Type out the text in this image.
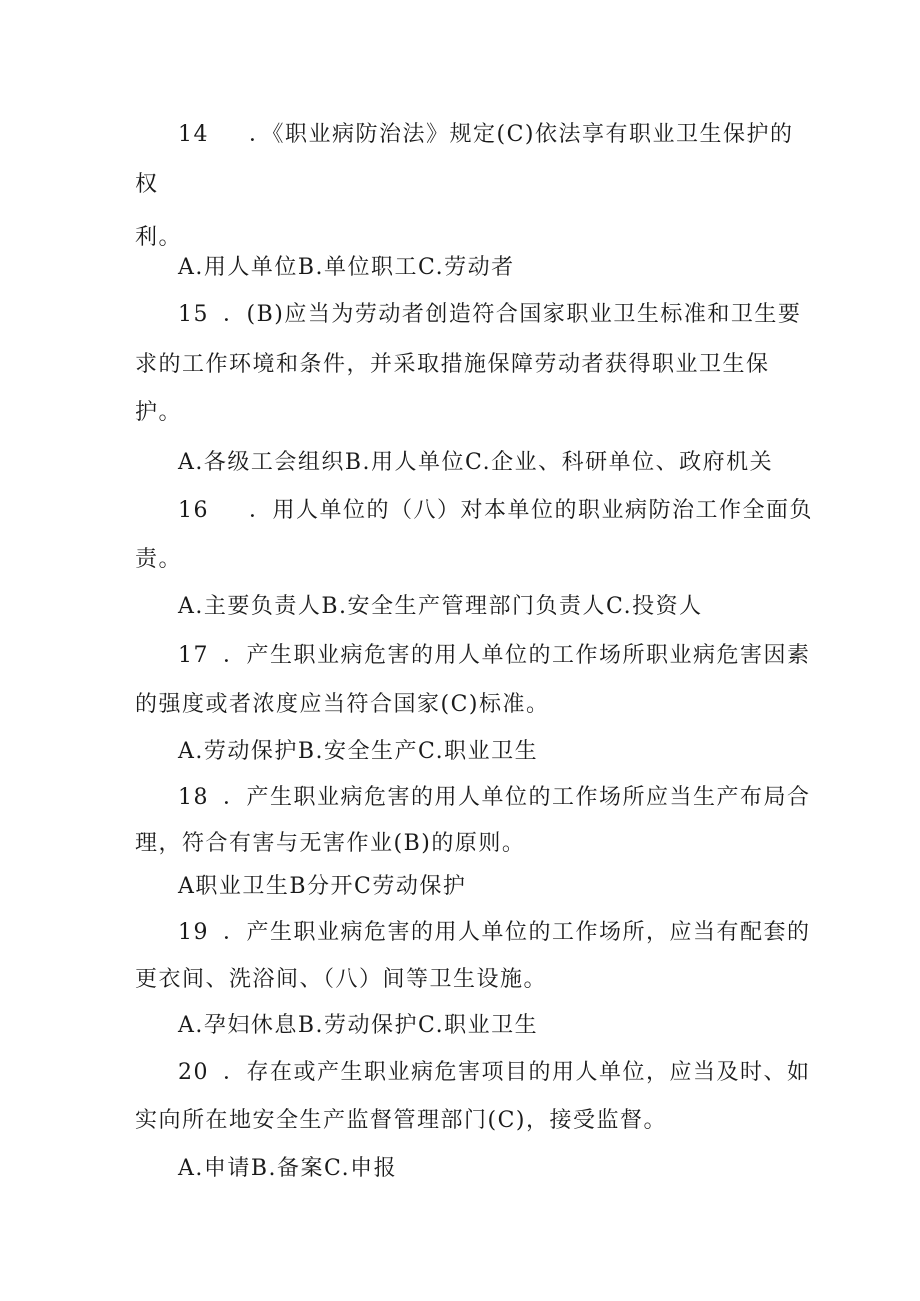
14 ．《职业病防治法》规定(C)依法享有职业卫生保护的
权
利。
A.用人单位B.单位职工C.劳动者
15 ．(B)应当为劳动者创造符合国家职业卫生标准和卫生要
求的工作环境和条件，并采取措施保障劳动者获得职业卫生保
护。
A.各级工会组织B.用人单位C.企业、科研单位、政府机关
16 ．用人单位的（八）对本单位的职业病防治工作全面负
责。
A.主要负责人B.安全生产管理部门负责人C.投资人
17 ．产生职业病危害的用人单位的工作场所职业病危害因素
的强度或者浓度应当符合国家(C)标准。
A.劳动保护B.安全生产C.职业卫生
18 ．产生职业病危害的用人单位的工作场所应当生产布局合
理，符合有害与无害作业(B)的原则。
A职业卫生B分开C劳动保护
19 ．产生职业病危害的用人单位的工作场所，应当有配套的
更衣间、洗浴间、（八）间等卫生设施。
A.孕妇休息B.劳动保护C.职业卫生
20 ．存在或产生职业病危害项目的用人单位，应当及时、如
实向所在地安全生产监督管理部门(C)，接受监督。
A.申请B.备案C.申报
